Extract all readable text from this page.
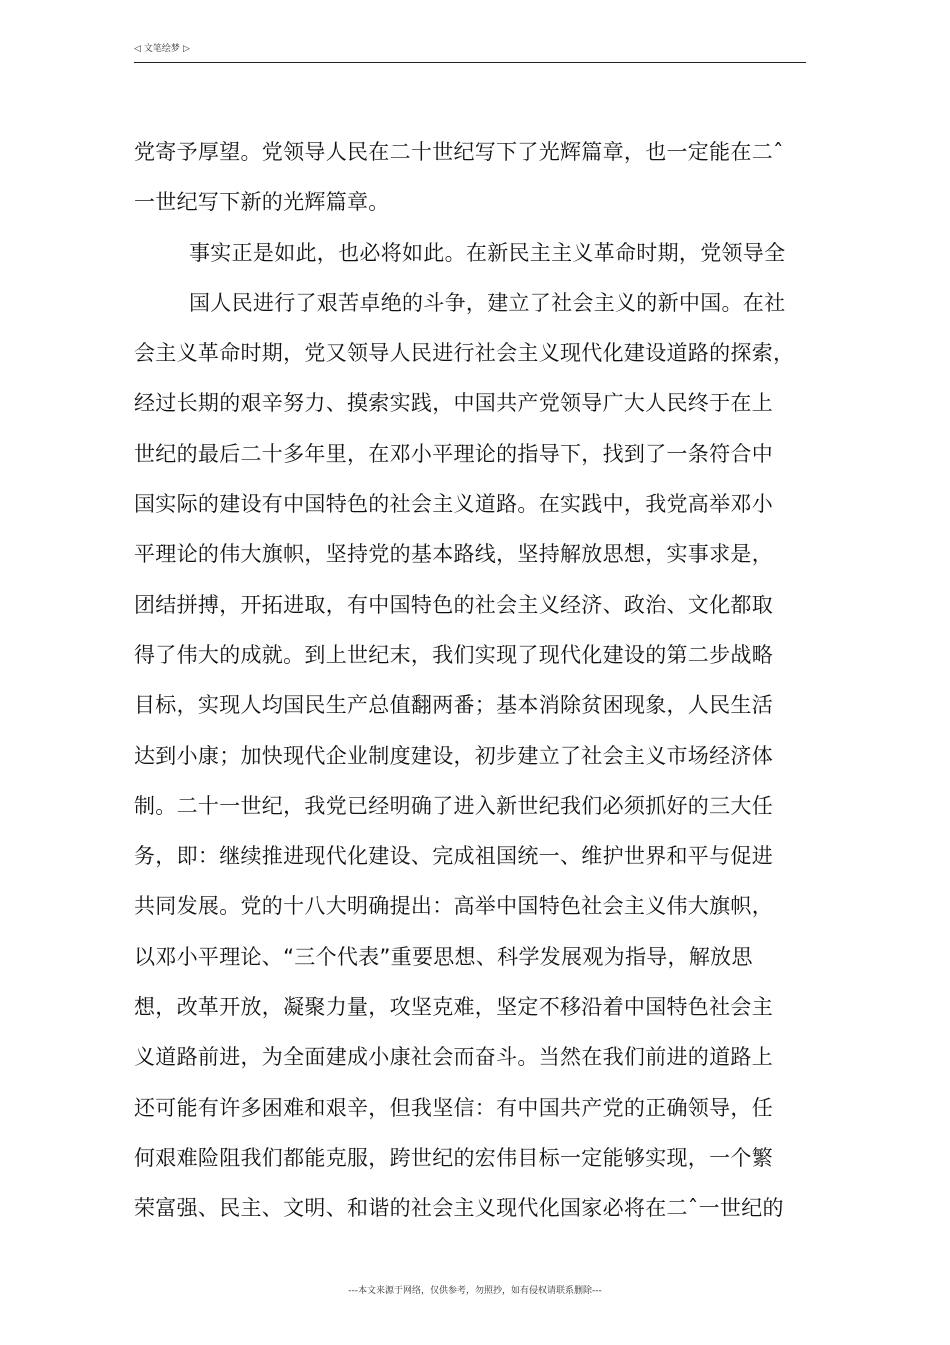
◁ 文笔绘梦 ▷
党寄予厚望。党领导人民在二十世纪写下了光辉篇章，也一定能在二ˆ
一世纪写下新的光辉篇章。
事实正是如此，也必将如此。在新民主主义革命时期，党领导全
国人民进行了艰苦卓绝的斗争，建立了社会主义的新中国。在社
会主义革命时期，党又领导人民进行社会主义现代化建设道路的探索，
经过长期的艰辛努力、摸索实践，中国共产党领导广大人民终于在上
世纪的最后二十多年里，在邓小平理论的指导下，找到了一条符合中
国实际的建设有中国特色的社会主义道路。在实践中，我党高举邓小
平理论的伟大旗帜，坚持党的基本路线，坚持解放思想，实事求是，
团结拼搏，开拓进取，有中国特色的社会主义经济、政治、文化都取
得了伟大的成就。到上世纪末，我们实现了现代化建设的第二步战略
目标，实现人均国民生产总值翻两番；基本消除贫困现象，人民生活
达到小康；加快现代企业制度建设，初步建立了社会主义市场经济体
制。二十一世纪，我党已经明确了进入新世纪我们必须抓好的三大任
务，即：继续推进现代化建设、完成祖国统一、维护世界和平与促进
共同发展。党的十八大明确提出：高举中国特色社会主义伟大旗帜，
以邓小平理论、“三个代表”重要思想、科学发展观为指导，解放思
想，改革开放，凝聚力量，攻坚克难，坚定不移沿着中国特色社会主
义道路前进，为全面建成小康社会而奋斗。当然在我们前进的道路上
还可能有许多困难和艰辛，但我坚信：有中国共产党的正确领导，任
何艰难险阻我们都能克服，跨世纪的宏伟目标一定能够实现，一个繁
荣富强、民主、文明、和谐的社会主义现代化国家必将在二ˆ一世纪的
---本文来源于网络，仅供参考，勿照抄，如有侵权请联系删除---
